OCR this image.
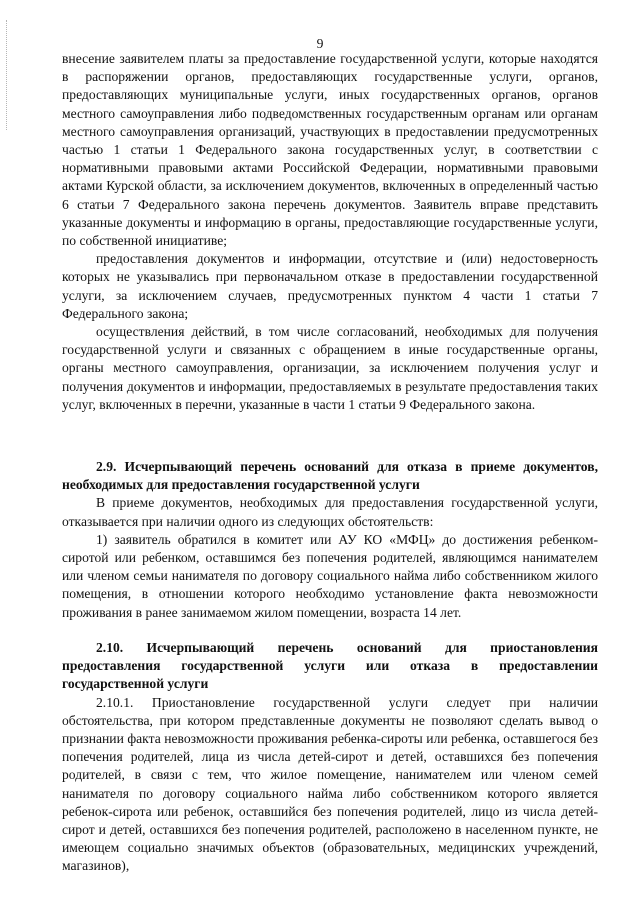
9

внесение заявителем платы за предоставление государственной услуги, которые находятся в распоряжении органов, предоставляющих государственные услуги, органов, предоставляющих муниципальные услуги, иных государственных органов, органов местного самоуправления либо подведомственных государственным органам или органам местного самоуправления организаций, участвующих в предоставлении предусмотренных частью 1 статьи 1 Федерального закона государственных услуг, в соответствии с нормативными правовыми актами Российской Федерации, нормативными правовыми актами Курской области, за исключением документов, включенных в определенный частью 6 статьи 7 Федерального закона перечень документов. Заявитель вправе представить указанные документы и информацию в органы, предоставляющие государственные услуги, по собственной инициативе;

предоставления документов и информации, отсутствие и (или) недостоверность которых не указывались при первоначальном отказе в предоставлении государственной услуги, за исключением случаев, предусмотренных пунктом 4 части 1 статьи 7 Федерального закона;

осуществления действий, в том числе согласований, необходимых для получения государственной услуги и связанных с обращением в иные государственные органы, органы местного самоуправления, организации, за исключением получения услуг и получения документов и информации, предоставляемых в результате предоставления таких услуг, включенных в перечни, указанные в части 1 статьи 9 Федерального закона.

2.9. Исчерпывающий перечень оснований для отказа в приеме документов, необходимых для предоставления государственной услуги

В приеме документов, необходимых для предоставления государственной услуги, отказывается при наличии одного из следующих обстоятельств:

1) заявитель обратился в комитет или АУ КО «МФЦ» до достижения ребенком-сиротой или ребенком, оставшимся без попечения родителей, являющимся нанимателем или членом семьи нанимателя по договору социального найма либо собственником жилого помещения, в отношении которого необходимо установление факта невозможности проживания в ранее занимаемом жилом помещении, возраста 14 лет.

2.10. Исчерпывающий перечень оснований для приостановления предоставления государственной услуги или отказа в предоставлении государственной услуги

2.10.1. Приостановление государственной услуги следует при наличии обстоятельства, при котором представленные документы не позволяют сделать вывод о признании факта невозможности проживания ребенка-сироты или ребенка, оставшегося без попечения родителей, лица из числа детей-сирот и детей, оставшихся без попечения родителей, в связи с тем, что жилое помещение, нанимателем или членом семей нанимателя по договору социального найма либо собственником которого является ребенок-сирота или ребенок, оставшийся без попечения родителей, лицо из числа детей-сирот и детей, оставшихся без попечения родителей, расположено в населенном пункте, не имеющем социально значимых объектов (образовательных, медицинских учреждений, магазинов),
